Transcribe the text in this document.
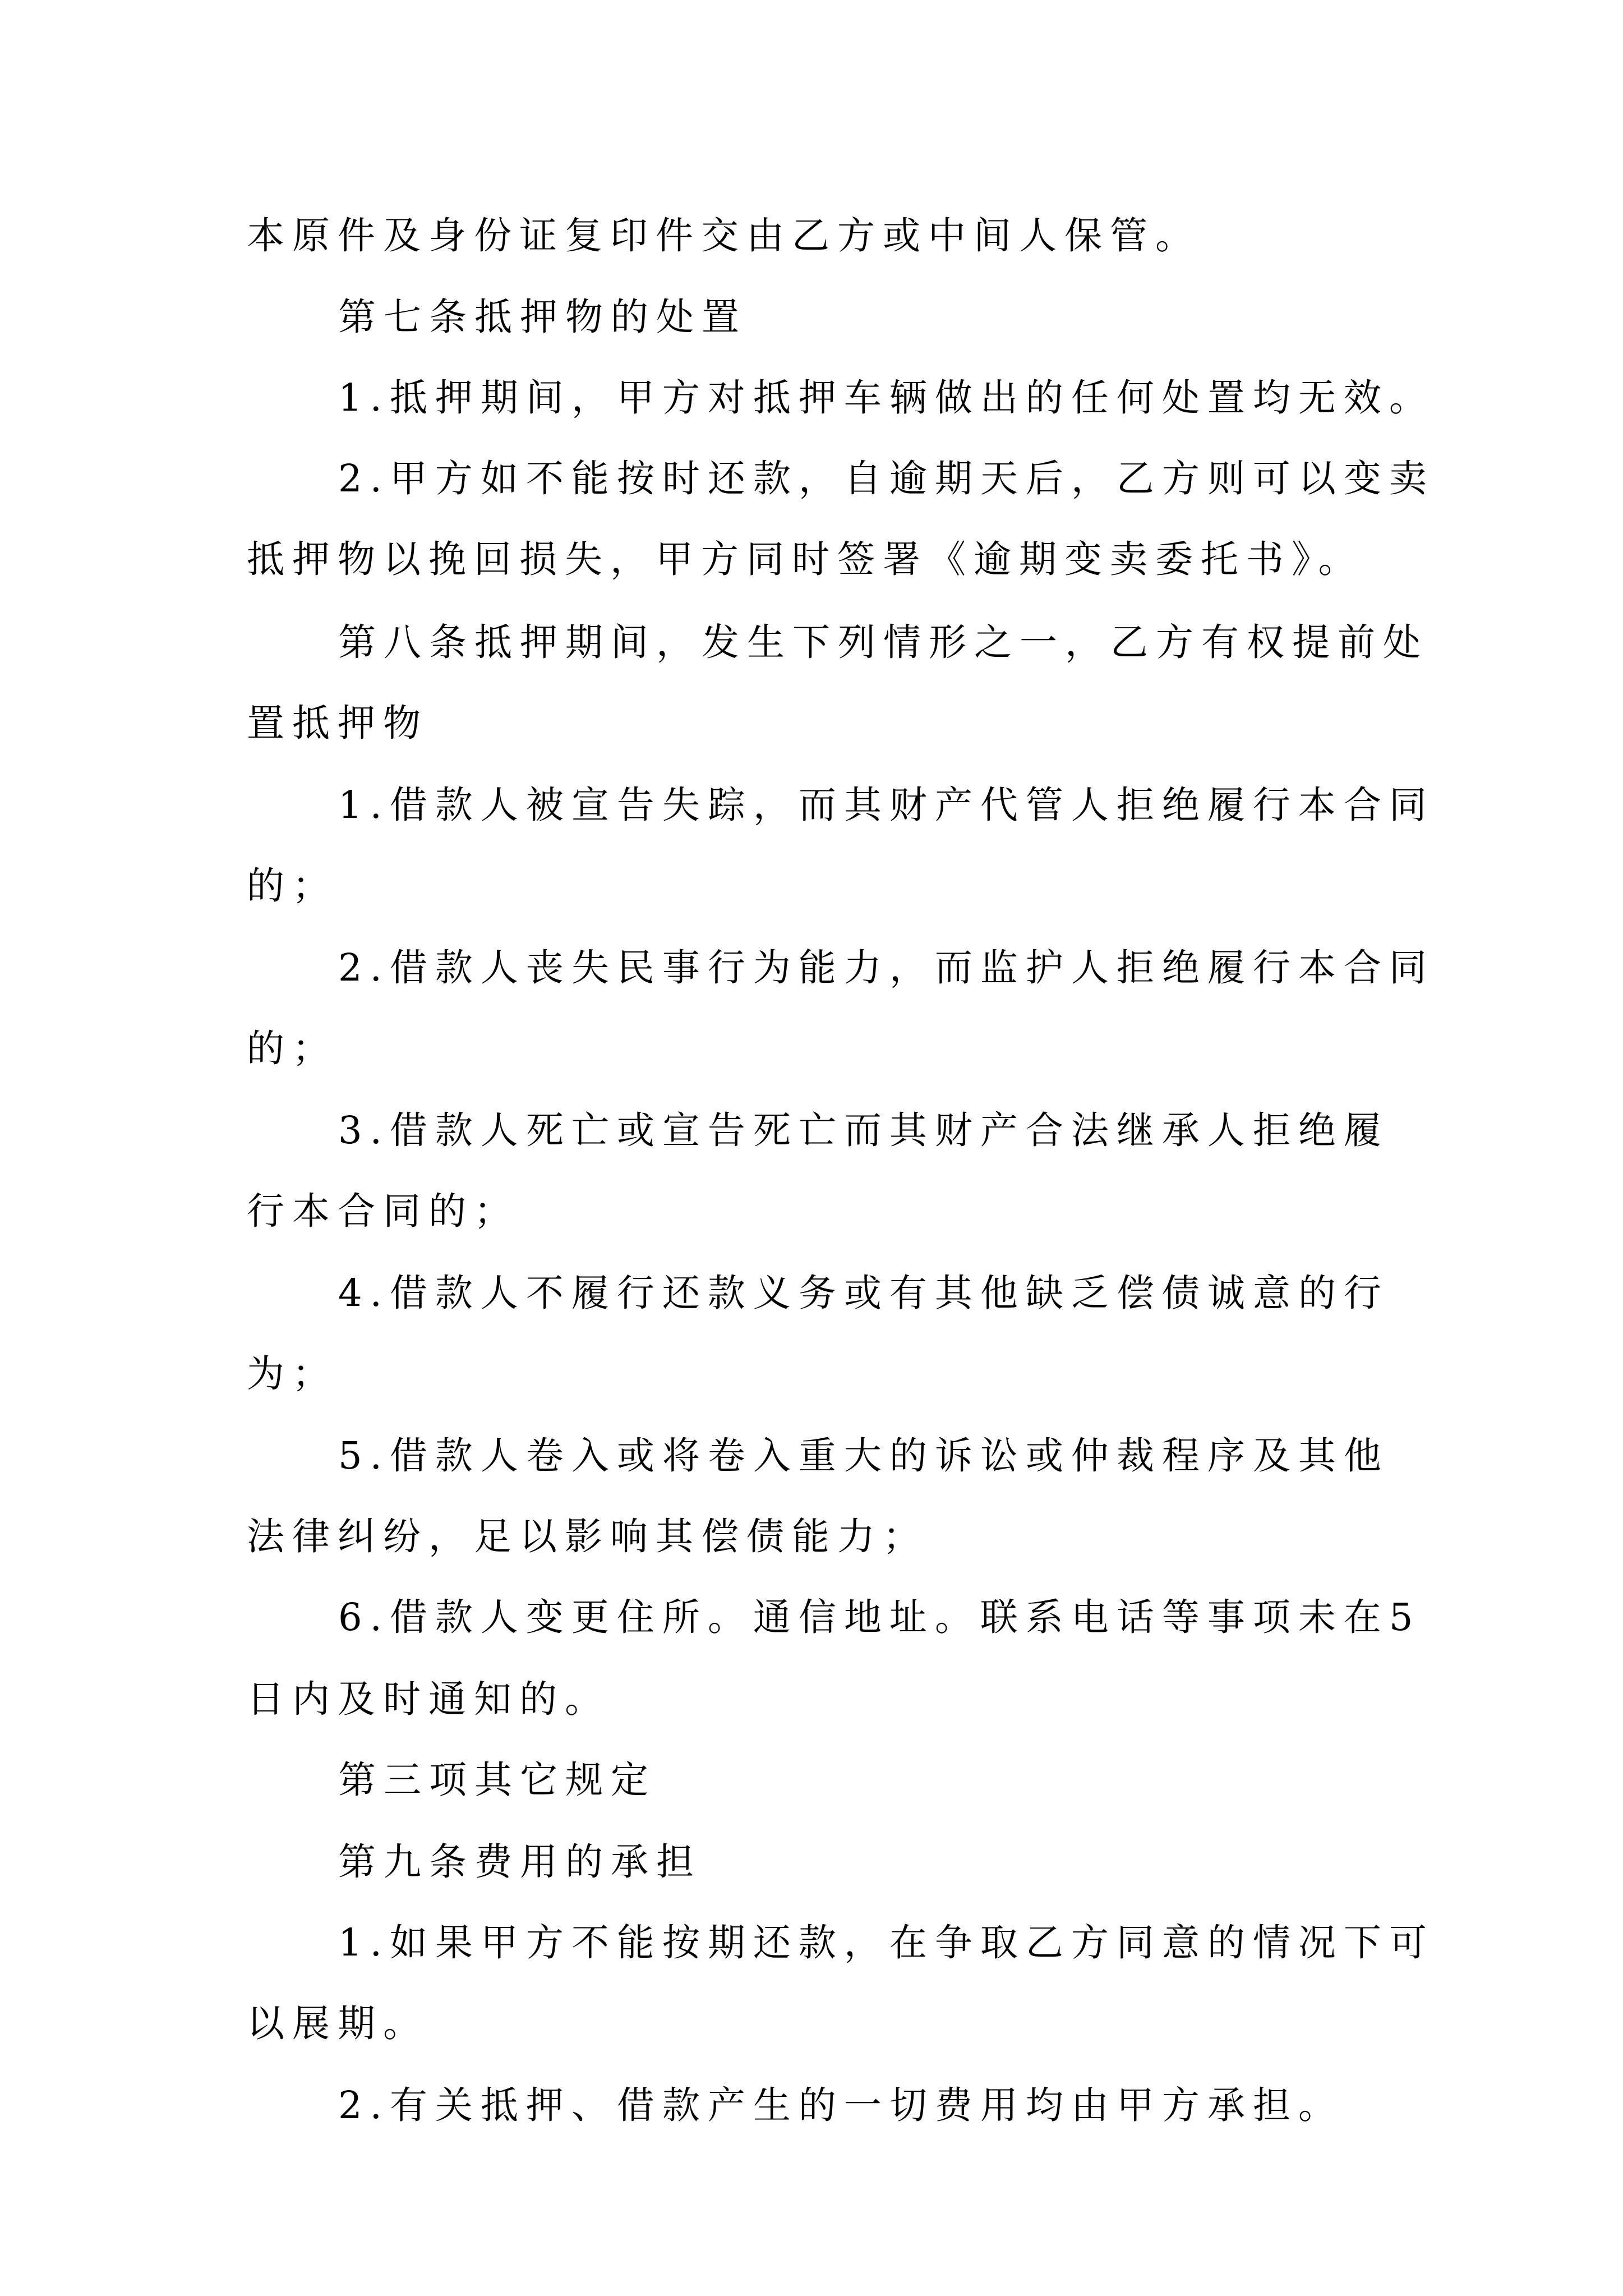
本原件及身份证复印件交由乙方或中间人保管。
第七条抵押物的处置
1.抵押期间，甲方对抵押车辆做出的任何处置均无效。
2.甲方如不能按时还款，自逾期天后，乙方则可以变卖
抵押物以挽回损失，甲方同时签署《逾期变卖委托书》。
第八条抵押期间，发生下列情形之一，乙方有权提前处
置抵押物
1.借款人被宣告失踪，而其财产代管人拒绝履行本合同
的；
2.借款人丧失民事行为能力，而监护人拒绝履行本合同
的；
3.借款人死亡或宣告死亡而其财产合法继承人拒绝履
行本合同的；
4.借款人不履行还款义务或有其他缺乏偿债诚意的行
为；
5.借款人卷入或将卷入重大的诉讼或仲裁程序及其他
法律纠纷，足以影响其偿债能力；
6.借款人变更住所。通信地址。联系电话等事项未在5
日内及时通知的。
第三项其它规定
第九条费用的承担
1.如果甲方不能按期还款，在争取乙方同意的情况下可
以展期。
2.有关抵押、借款产生的一切费用均由甲方承担。
